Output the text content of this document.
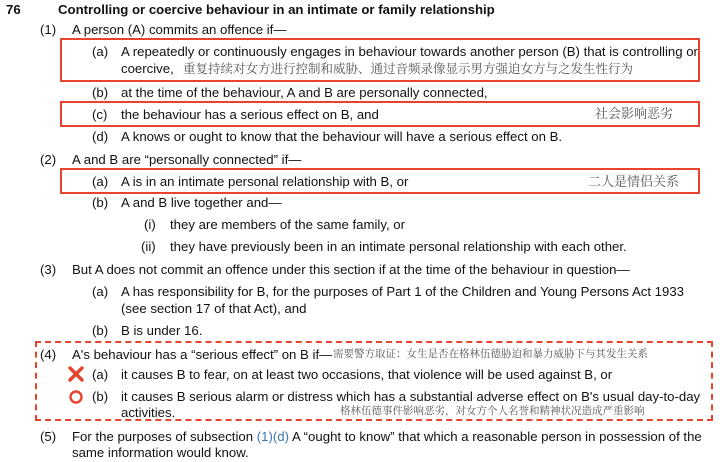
76	Controlling or coercive behaviour in an intimate or family relationship
(1) A person (A) commits an offence if—
(a) A repeatedly or continuously engages in behaviour towards another person (B) that is controlling or
coercive, 重复持续对女方进行控制和威胁、通过音频录像显示男方强迫女方与之发生性行为
(b) at the time of the behaviour, A and B are personally connected,
(c) the behaviour has a serious effect on B, and	社会影响恶劣
(d) A knows or ought to know that the behaviour will have a serious effect on B.
(2) A and B are “personally connected” if—
(a) A is in an intimate personal relationship with B, or	二人是情侣关系
(b) A and B live together and—
(i) they are members of the same family, or
(ii) they have previously been in an intimate personal relationship with each other.
(3) But A does not commit an offence under this section if at the time of the behaviour in question—
(a) A has responsibility for B, for the purposes of Part 1 of the Children and Young Persons Act 1933
(see section 17 of that Act), and
(b) B is under 16.
(4) A's behaviour has a “serious effect” on B if— 需要警方取证：女生是否在格林伍德胁迫和暴力威胁下与其发生关系
(a) it causes B to fear, on at least two occasions, that violence will be used against B, or
(b) it causes B serious alarm or distress which has a substantial adverse effect on B's usual day-to-day
activities.	格林伍德事件影响恶劣，对女方个人名誉和精神状况造成严重影响
(5) For the purposes of subsection (1)(d) A “ought to know” that which a reasonable person in possession of the
same information would know.
